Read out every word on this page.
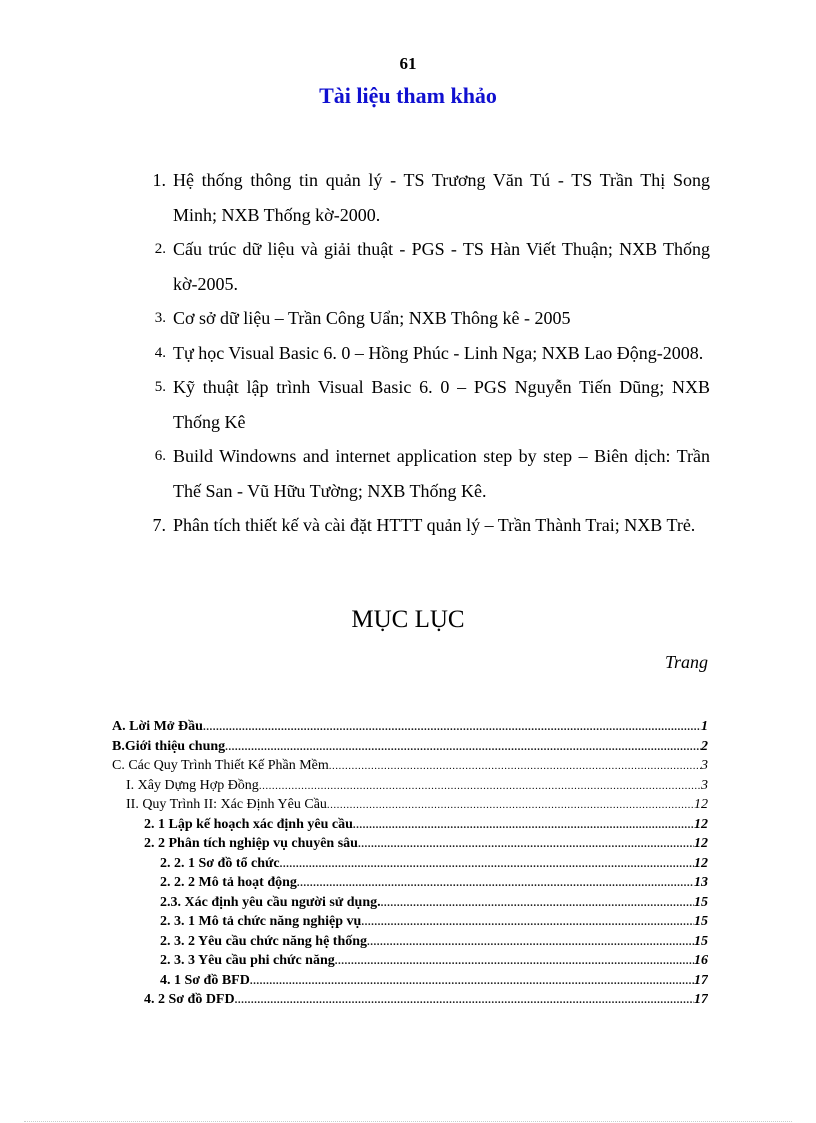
61
Tài liệu tham khảo
1. Hệ thống thông tin quản lý - TS Trương Văn Tú - TS Trần Thị Song Minh; NXB Thống kờ-2000.
2. Cấu trúc dữ liệu và giải thuật - PGS - TS Hàn Viết Thuận; NXB Thống kờ-2005.
3. Cơ sở dữ liệu – Trần Công Uẩn; NXB Thông kê - 2005
4. Tự học Visual Basic 6. 0 – Hồng Phúc - Linh Nga; NXB Lao Động-2008.
5. Kỹ thuật lập trình Visual Basic 6. 0 – PGS Nguyễn Tiến Dũng; NXB Thống Kê
6. Build Windowns and internet application step by step – Biên dịch: Trần Thế San - Vũ Hữu Tường; NXB Thống Kê.
7. Phân tích thiết kế và cài đặt HTTT quản lý – Trần Thành Trai; NXB Trẻ.
MỤC LỤC
Trang
A. Lời Mở Đầu .....	1
B.Giới thiệu chung .....	2
C. Các Quy Trình Thiết Kế Phần Mềm .....	3
I. Xây Dựng Hợp Đồng .....	3
II. Quy Trình II: Xác Định Yêu Cầu .....	12
2. 1 Lập kế hoạch xác định yêu cầu .....	12
2. 2 Phân tích nghiệp vụ chuyên sâu .....	12
2. 2. 1 Sơ đồ tổ chức .....	12
2. 2. 2 Mô tả hoạt động .....	13
2.3. Xác định yêu cầu người sử dụng. .....	15
2. 3. 1 Mô tả chức năng nghiệp vụ .....	15
2. 3. 2 Yêu cầu chức năng hệ thống .....	15
2. 3. 3 Yêu cầu phi chức năng .....	16
4. 1 Sơ đồ BFD .....	17
4. 2 Sơ đồ DFD .....	17
